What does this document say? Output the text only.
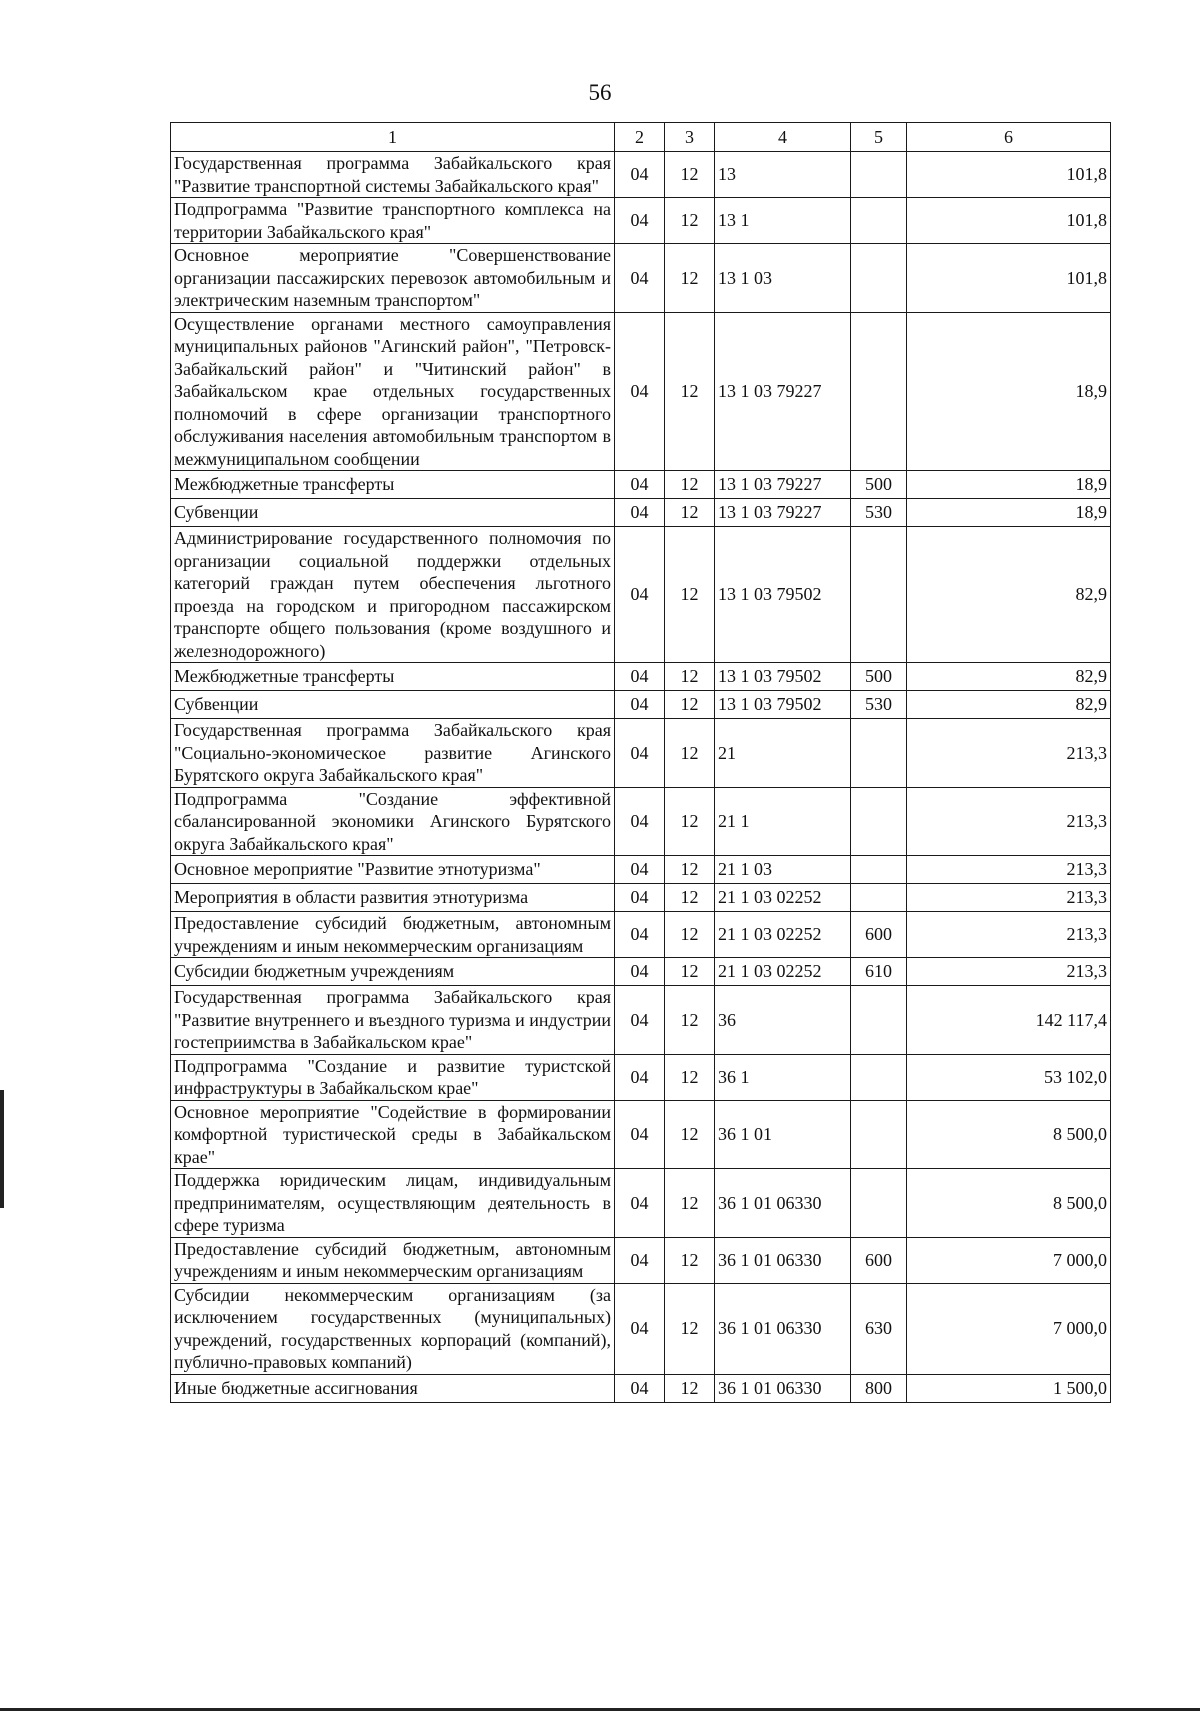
56
1	2	3	4	5	6
Государственная программа Забайкальского края "Развитие транспортной системы Забайкальского края"	04	12	13		101,8
Подпрограмма "Развитие транспортного комплекса на территории Забайкальского края"	04	12	13 1		101,8
Основное мероприятие "Совершенствование организации пассажирских перевозок автомобильным и электрическим наземным транспортом"	04	12	13 1 03		101,8
Осуществление органами местного самоуправления муниципальных районов "Агинский район", "Петровск-Забайкальский район" и "Читинский район" в Забайкальском крае отдельных государственных полномочий в сфере организации транспортного обслуживания населения автомобильным транспортом в межмуниципальном сообщении	04	12	13 1 03 79227		18,9
Межбюджетные трансферты	04	12	13 1 03 79227	500	18,9
Субвенции	04	12	13 1 03 79227	530	18,9
Администрирование государственного полномочия по организации социальной поддержки отдельных категорий граждан путем обеспечения льготного проезда на городском и пригородном пассажирском транспорте общего пользования (кроме воздушного и железнодорожного)	04	12	13 1 03 79502		82,9
Межбюджетные трансферты	04	12	13 1 03 79502	500	82,9
Субвенции	04	12	13 1 03 79502	530	82,9
Государственная программа Забайкальского края "Социально-экономическое развитие Агинского Бурятского округа Забайкальского края"	04	12	21		213,3
Подпрограмма "Создание эффективной сбалансированной экономики Агинского Бурятского округа Забайкальского края"	04	12	21 1		213,3
Основное мероприятие "Развитие этнотуризма"	04	12	21 1 03		213,3
Мероприятия в области развития этнотуризма	04	12	21 1 03 02252		213,3
Предоставление субсидий бюджетным, автономным учреждениям и иным некоммерческим организациям	04	12	21 1 03 02252	600	213,3
Субсидии бюджетным учреждениям	04	12	21 1 03 02252	610	213,3
Государственная программа Забайкальского края "Развитие внутреннего и въездного туризма и индустрии гостеприимства в Забайкальском крае"	04	12	36		142 117,4
Подпрограмма "Создание и развитие туристской инфраструктуры в Забайкальском крае"	04	12	36 1		53 102,0
Основное мероприятие "Содействие в формировании комфортной туристической среды в Забайкальском крае"	04	12	36 1 01		8 500,0
Поддержка юридическим лицам, индивидуальным предпринимателям, осуществляющим деятельность в сфере туризма	04	12	36 1 01 06330		8 500,0
Предоставление субсидий бюджетным, автономным учреждениям и иным некоммерческим организациям	04	12	36 1 01 06330	600	7 000,0
Субсидии некоммерческим организациям (за исключением государственных (муниципальных) учреждений, государственных корпораций (компаний), публично-правовых компаний)	04	12	36 1 01 06330	630	7 000,0
Иные бюджетные ассигнования	04	12	36 1 01 06330	800	1 500,0
